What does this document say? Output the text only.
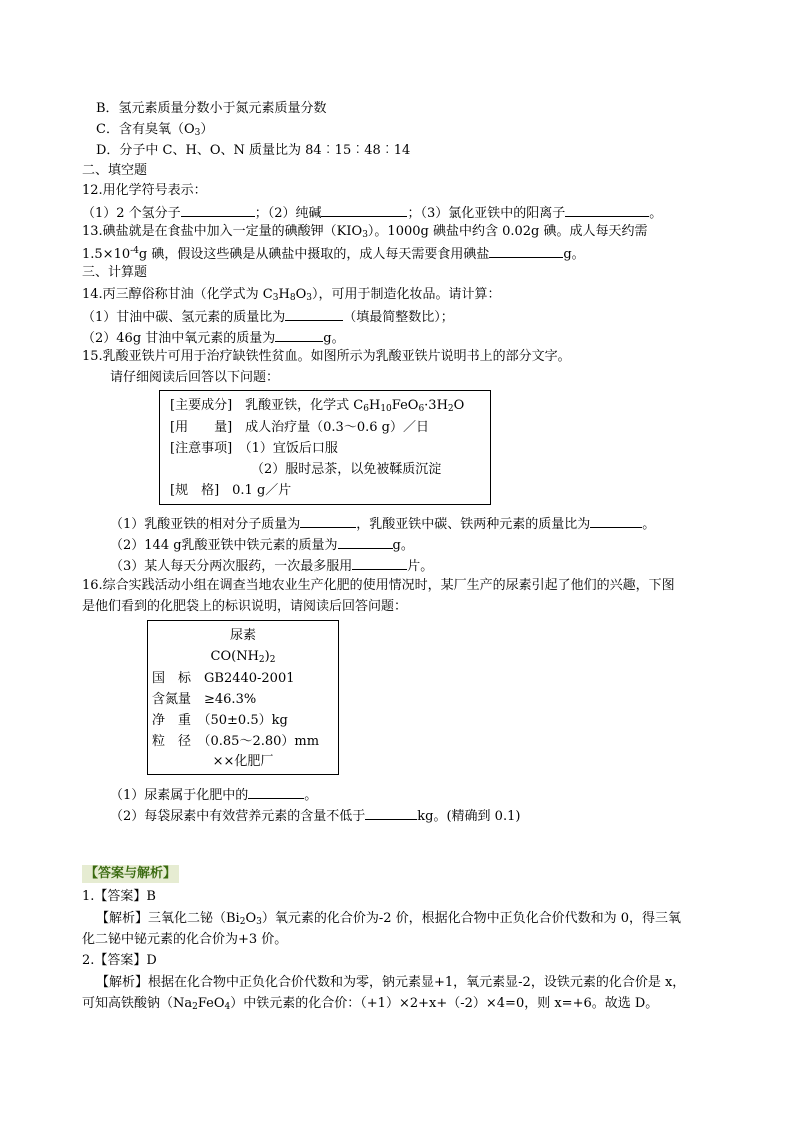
B．氢元素质量分数小于氮元素质量分数
C．含有臭氧$(O_3)$
D．分子中 C、H、O、N 质量比为 84︰15︰48︰14
二、填空题
12.用化学符号表示：
（1）2 个氢分子	；（2）纯碱	；（3）氯化亚铁中的阳离子	。
13.碘盐就是在食盐中加入一定量的碘酸钾$(KIO_3)$。1000g 碘盐中约含 0.02g 碘。成人每天约需
$1.5\times 10^{-4}g$ 碘，假设这些碘是从碘盐中摄取的，成人每天需要食用碘盐	g。
三、计算题
14.丙三醇俗称甘油（化学式为 $C_3H_8O_3$），可用于制造化妆品。请计算：
（1）甘油中碳、氢元素的质量比为	（填最简整数比）；
（2）46g 甘油中氧元素的质量为	g。
15.乳酸亚铁片可用于治疗缺铁性贫血。如图所示为乳酸亚铁片说明书上的部分文字。
请仔细阅读后回答以下问题：
[主要成分]　乳酸亚铁，化学式 $C_6H_{10}FeO_6\cdot 3H_2O$
[用　　量]　成人治疗量（0.3～0.6 g）／日
[注意事项]　（1）宜饭后口服
（2）服时忌茶，以免被鞣质沉淀
[规　格]　0.1 g／片
（1）乳酸亚铁的相对分子质量为	，乳酸亚铁中碳、铁两种元素的质量比为	。
（2）144 g乳酸亚铁中铁元素的质量为	g。
（3）某人每天分两次服药，一次最多服用	片。
16.综合实践活动小组在调查当地农业生产化肥的使用情况时，某厂生产的尿素引起了他们的兴趣，下图
是他们看到的化肥袋上的标识说明，请阅读后回答问题：
尿素
$CO(NH_2)_2$
国　标　GB2440-2001
含氮量　≥46.3%
净　重　（50±0.5）kg
粒　径　（0.85～2.80）mm
××化肥厂
（1）尿素属于化肥中的	。
（2）每袋尿素中有效营养元素的含量不低于	kg。(精确到 0.1)
【答案与解析】
1.【答案】B
【解析】三氧化二铋$(Bi_2O_3)$氧元素的化合价为-2 价，根据化合物中正负化合价代数和为 0，得三氧
化二铋中铋元素的化合价为+3 价。
2.【答案】D
【解析】根据在化合物中正负化合价代数和为零，钠元素显+1，氧元素显-2，设铁元素的化合价是 x，
可知高铁酸钠$(Na_2FeO_4)$中铁元素的化合价：（+1）×2+x+（-2）×4=0，则 x=+6。故选 D。
